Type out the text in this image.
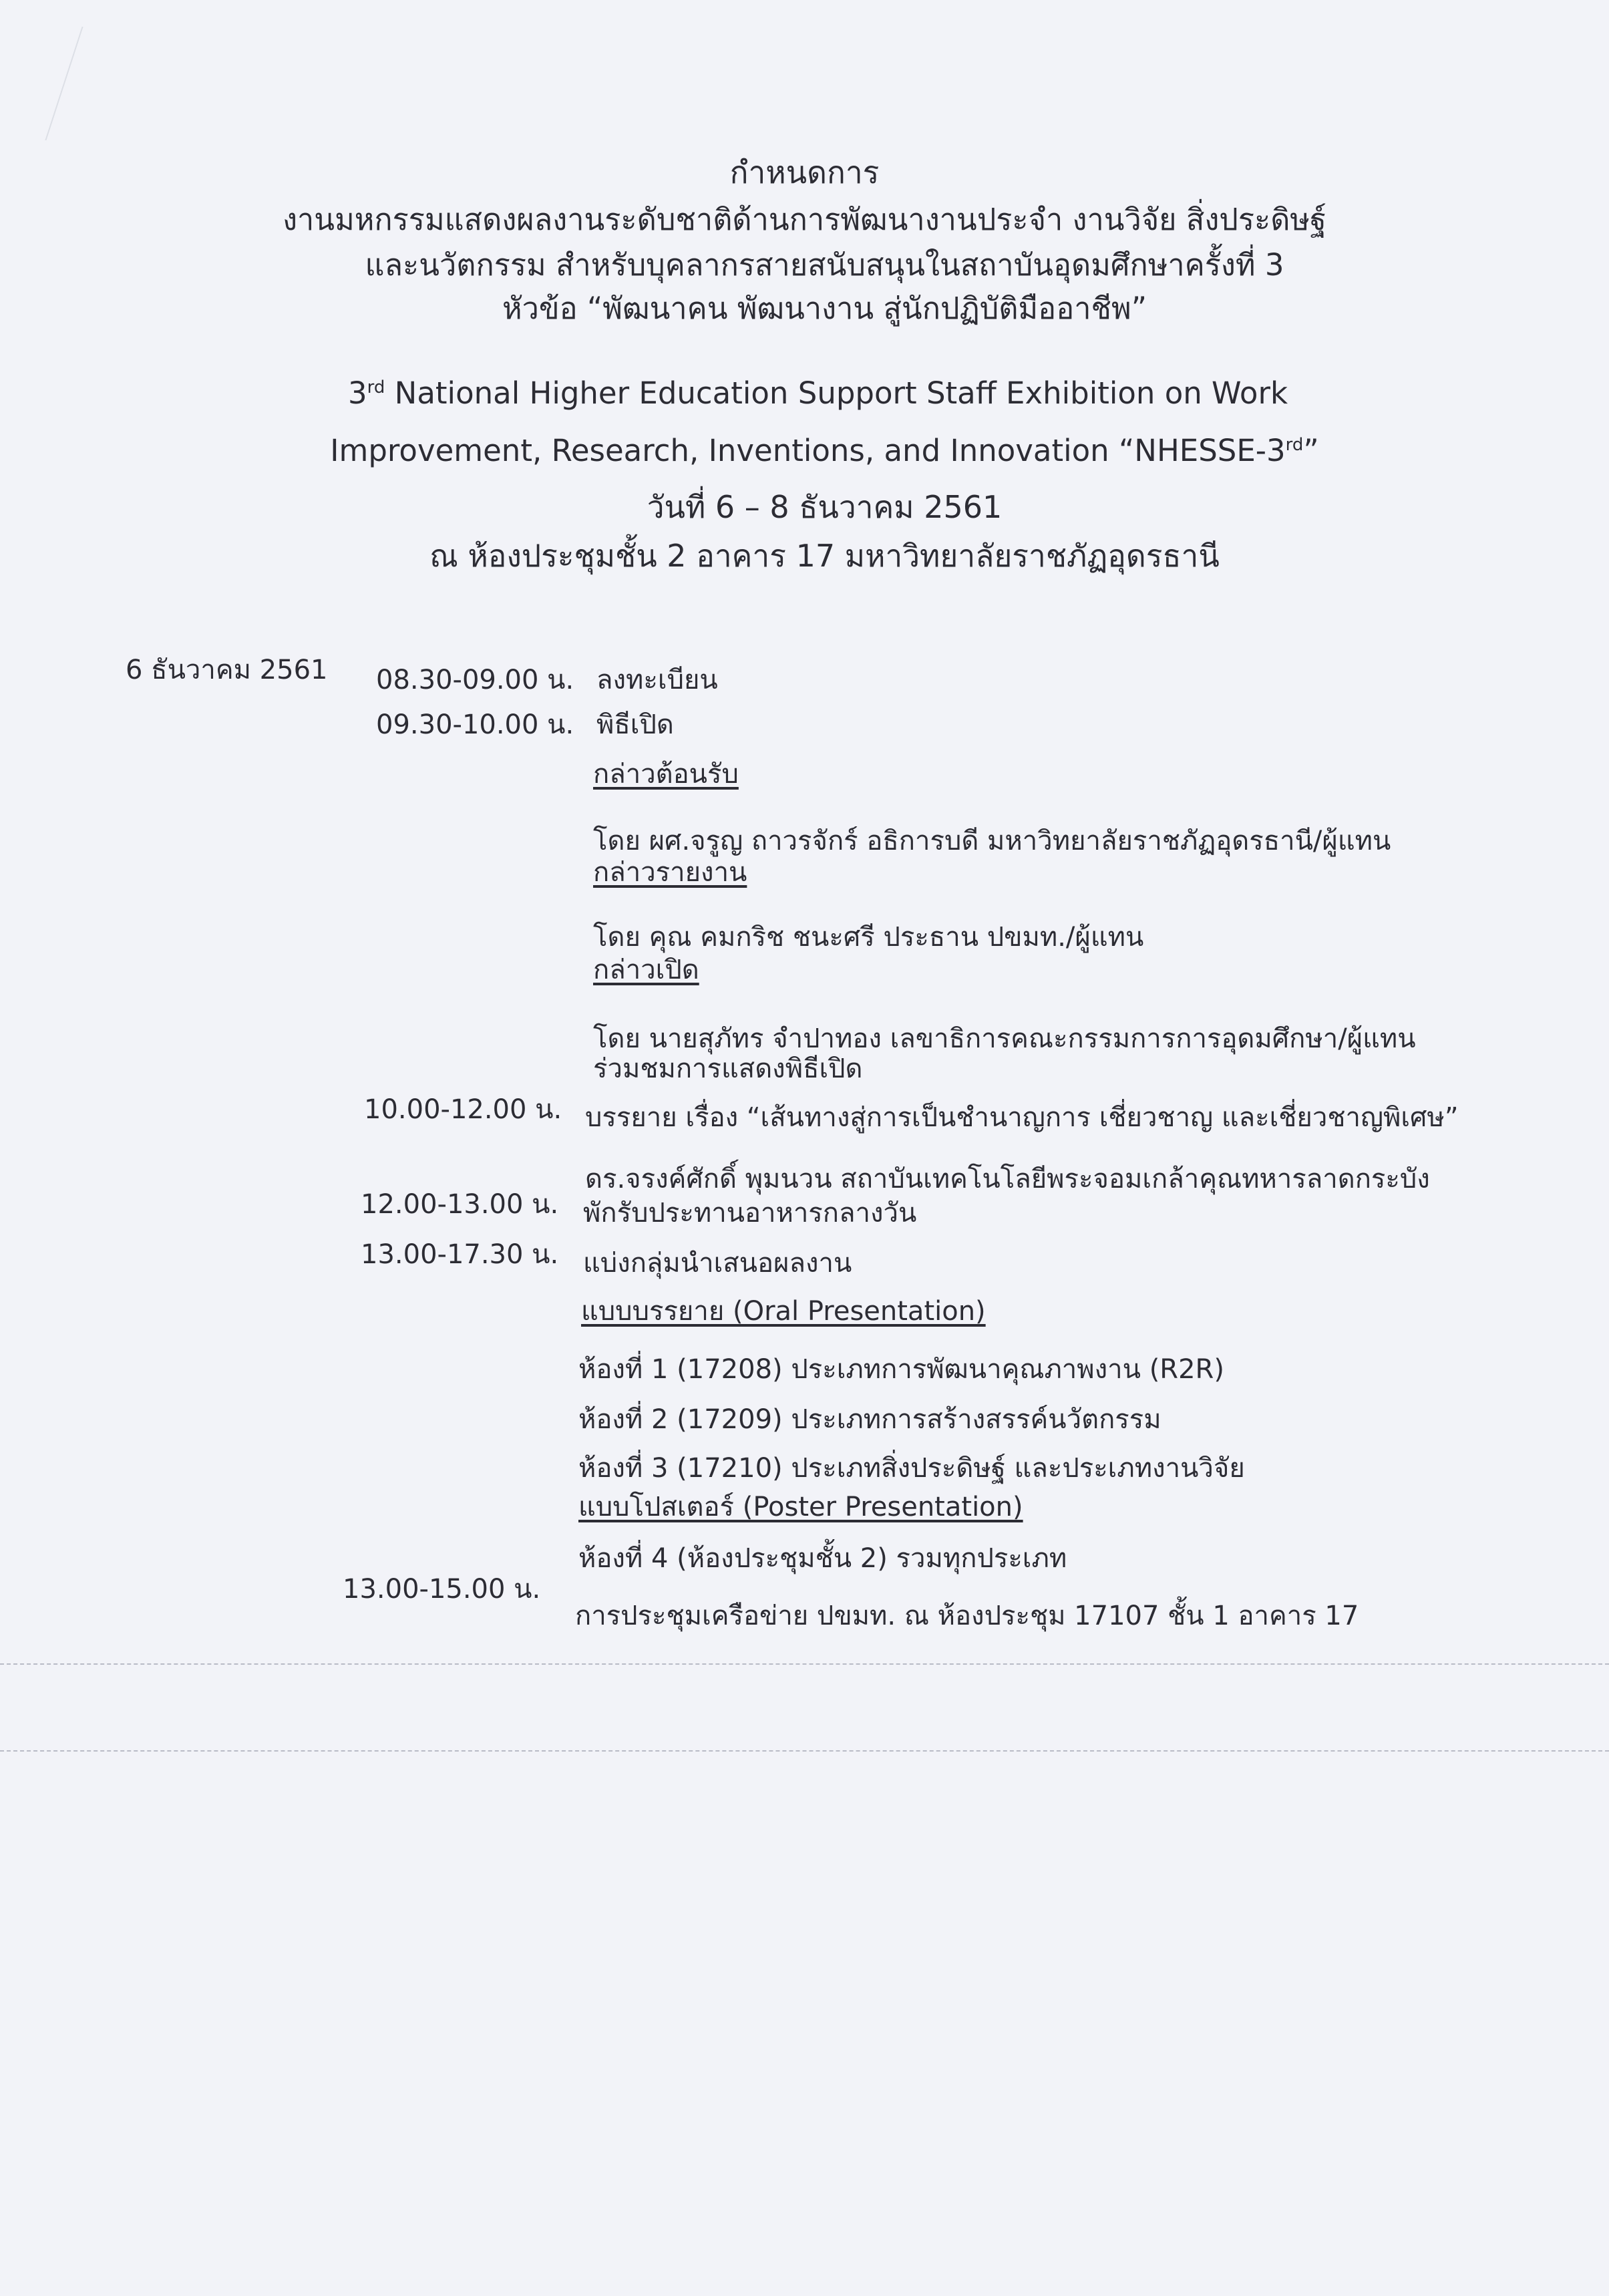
กำหนดการ
งานมหกรรมแสดงผลงานระดับชาติด้านการพัฒนางานประจำ งานวิจัย สิ่งประดิษฐ์
และนวัตกรรม สำหรับบุคลากรสายสนับสนุนในสถาบันอุดมศึกษาครั้งที่ 3
หัวข้อ “พัฒนาคน พัฒนางาน สู่นักปฏิบัติมืออาชีพ”
3rd National Higher Education Support Staff Exhibition on Work
Improvement, Research, Inventions, and Innovation “NHESSE-3rd”
วันที่ 6 – 8 ธันวาคม 2561
ณ ห้องประชุมชั้น 2 อาคาร 17 มหาวิทยาลัยราชภัฏอุดรธานี
6 ธันวาคม 2561 08.30-09.00 น. ลงทะเบียน
09.30-10.00 น. พิธีเปิด
กล่าวต้อนรับ
โดย ผศ.จรูญ ถาวรจักร์ อธิการบดี มหาวิทยาลัยราชภัฏอุดรธานี/ผู้แทน
กล่าวรายงาน
โดย คุณ คมกริช ชนะศรี ประธาน ปขมท./ผู้แทน
กล่าวเปิด
โดย นายสุภัทร จำปาทอง เลขาธิการคณะกรรมการการอุดมศึกษา/ผู้แทน
ร่วมชมการแสดงพิธีเปิด
10.00-12.00 น. บรรยาย เรื่อง “เส้นทางสู่การเป็นชำนาญการ เชี่ยวชาญ และเชี่ยวชาญพิเศษ”
ดร.จรงค์ศักดิ์ พุมนวน สถาบันเทคโนโลยีพระจอมเกล้าคุณทหารลาดกระบัง
12.00-13.00 น. พักรับประทานอาหารกลางวัน
13.00-17.30 น. แบ่งกลุ่มนำเสนอผลงาน
แบบบรรยาย (Oral Presentation)
ห้องที่ 1 (17208) ประเภทการพัฒนาคุณภาพงาน (R2R)
ห้องที่ 2 (17209) ประเภทการสร้างสรรค์นวัตกรรม
ห้องที่ 3 (17210) ประเภทสิ่งประดิษฐ์ และประเภทงานวิจัย
แบบโปสเตอร์ (Poster Presentation)
ห้องที่ 4 (ห้องประชุมชั้น 2) รวมทุกประเภท
13.00-15.00 น.
การประชุมเครือข่าย ปขมท. ณ ห้องประชุม 17107 ชั้น 1 อาคาร 17
